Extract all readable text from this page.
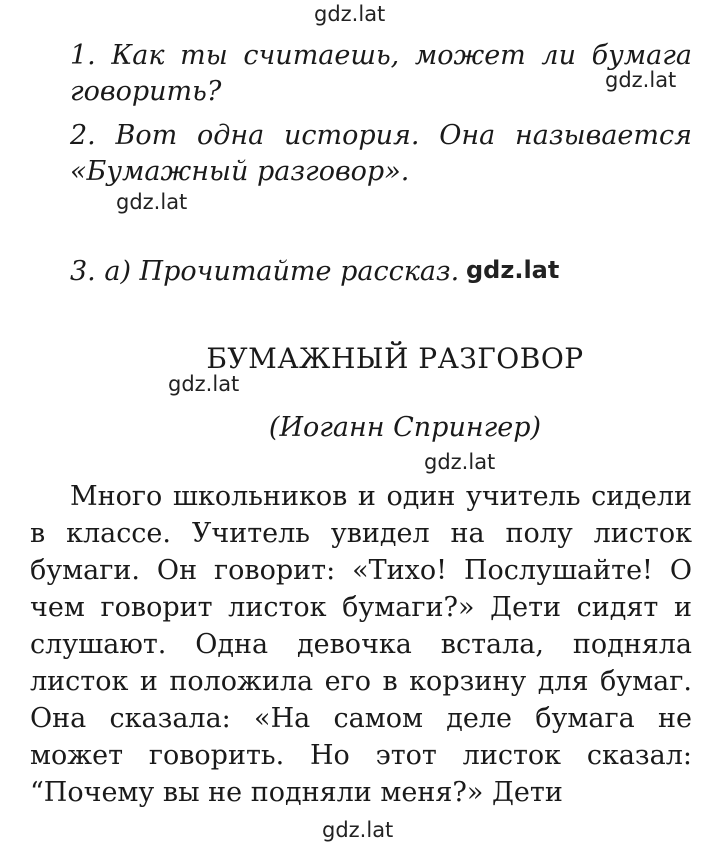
gdz.lat

1. Как ты считаешь, может ли бумага говорить?	gdz.lat

2. Вот одна история. Она называется «Бумажный разговор».

gdz.lat

3. а) Прочитайте рассказ. gdz.lat
БУМАЖНЫЙ РАЗГОВОР
gdz.lat
(Иоганн Спрингер)
gdz.lat

Много школьников и один учитель сидели в классе. Учитель увидел на полу листок бумаги. Он говорит: «Тихо! Послушайте! О чем говорит листок бумаги?» Дети сидят и слушают. Одна девочка встала, подняла листок и положила его в корзину для бумаг. Она сказала: «На самом деле бумага не может говорить. Но этот листок сказал: “Почему вы не подняли меня?» Дети

gdz.lat
